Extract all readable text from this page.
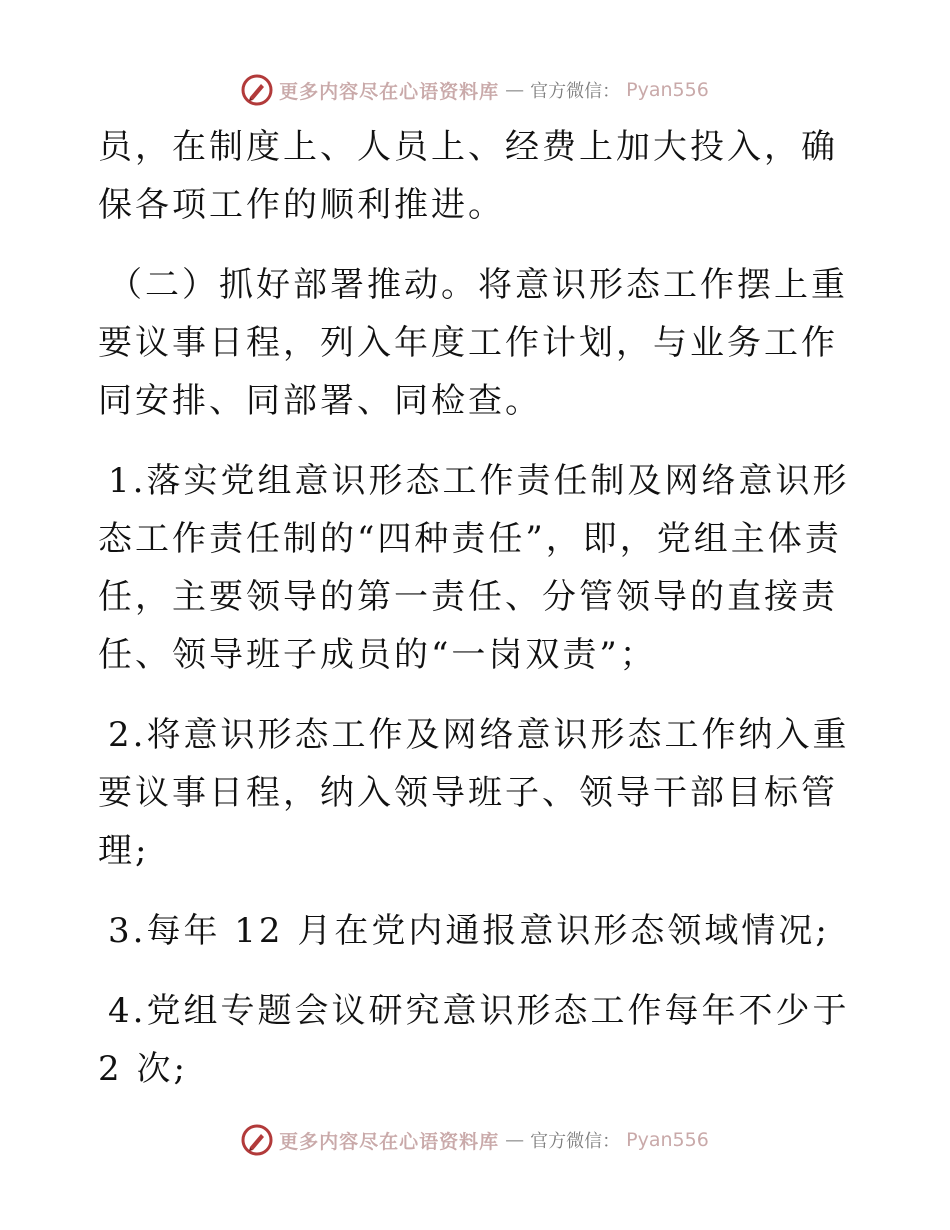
更多内容尽在心语资料库 — 官方微信： Pyan556

员，在制度上、人员上、经费上加大投入，确保各项工作的顺利推进。

（二）抓好部署推动。将意识形态工作摆上重要议事日程，列入年度工作计划，与业务工作同安排、同部署、同检查。

1.落实党组意识形态工作责任制及网络意识形态工作责任制的“四种责任”，即，党组主体责任，主要领导的第一责任、分管领导的直接责任、领导班子成员的“一岗双责”；

2.将意识形态工作及网络意识形态工作纳入重要议事日程，纳入领导班子、领导干部目标管理;

3.每年 12 月在党内通报意识形态领域情况;

4.党组专题会议研究意识形态工作每年不少于 2 次;

更多内容尽在心语资料库 — 官方微信： Pyan556
